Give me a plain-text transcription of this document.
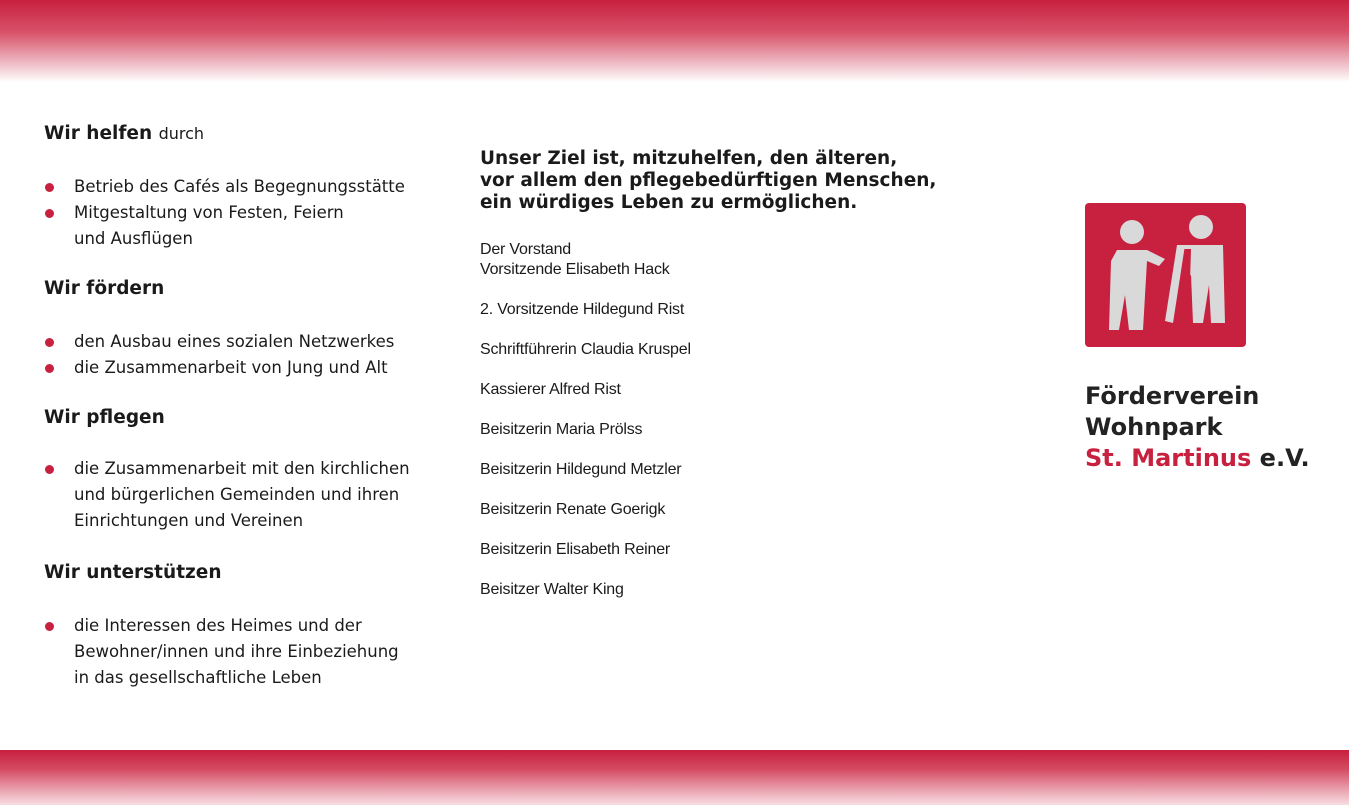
Wir helfen durch
Betrieb des Cafés als Begegnungsstätte
Mitgestaltung von Festen, Feiern
und Ausflügen
Wir fördern
den Ausbau eines sozialen Netzwerkes
die Zusammenarbeit von Jung und Alt
Wir pflegen
die Zusammenarbeit mit den kirchlichen
und bürgerlichen Gemeinden und ihren
Einrichtungen und Vereinen
Wir unterstützen
die Interessen des Heimes und der
Bewohner/innen und ihre Einbeziehung
in das gesellschaftliche Leben

Unser Ziel ist, mitzuhelfen, den älteren,
vor allem den pflegebedürftigen Menschen,
ein würdiges Leben zu ermöglichen.

Der Vorstand
Vorsitzende Elisabeth Hack
2. Vorsitzende Hildegund Rist
Schriftführerin Claudia Kruspel
Kassierer Alfred Rist
Beisitzerin Maria Prölss
Beisitzerin Hildegund Metzler
Beisitzerin Renate Goerigk
Beisitzerin Elisabeth Reiner
Beisitzer Walter King
Förderverein
Wohnpark
St. Martinus e.V.
